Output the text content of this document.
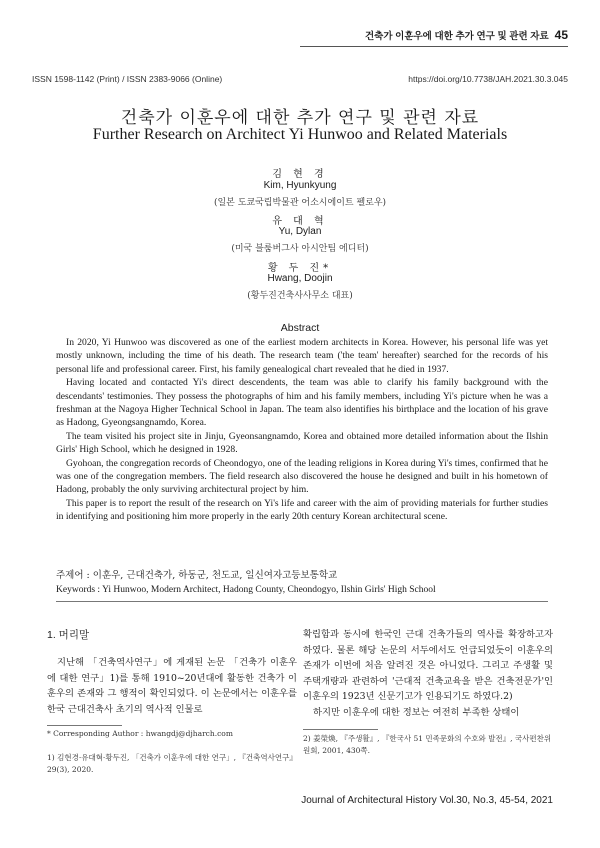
건축가 이훈우에 대한 추가 연구 및 관련 자료 45
ISSN 1598-1142 (Print) / ISSN 2383-9066 (Online)	https://doi.org/10.7738/JAH.2021.30.3.045
건축가 이훈우에 대한 추가 연구 및 관련 자료
Further Research on Architect Yi Hunwoo and Related Materials
김 현 경
Kim, Hyunkyung
(일본 도쿄국립박물관 어소시에이트 펠로우)
유 대 혁
Yu, Dylan
(미국 블룸버그사 아시안팀 에디터)
황 두 진*
Hwang, Doojin
(황두진건축사사무소 대표)
Abstract

In 2020, Yi Hunwoo was discovered as one of the earliest modern architects in Korea. However, his personal life was yet mostly unknown, including the time of his death. The research team ('the team' hereafter) searched for the records of his personal life and professional career. First, his family genealogical chart revealed that he died in 1937.

Having located and contacted Yi's direct descendents, the team was able to clarify his family background with the descendants' testimonies. They possess the photographs of him and his family members, including Yi's picture when he was a freshman at the Nagoya Higher Technical School in Japan. The team also identifies his birthplace and the location of his grave as Hadong, Gyeongsangnamdo, Korea.

The team visited his project site in Jinju, Gyeonsangnamdo, Korea and obtained more detailed information about the Ilshin Girls' High School, which he designed in 1928.

Gyohoan, the congregation records of Cheondogyo, one of the leading religions in Korea during Yi's times, confirmed that he was one of the congregation members. The field research also discovered the house he designed and built in his hometown of Hadong, probably the only surviving architectural project by him.

This paper is to report the result of the research on Yi's life and career with the aim of providing materials for further studies in identifying and positioning him more properly in the early 20th century Korean architectural scene.

주제어 : 이훈우, 근대건축가, 하동군, 천도교, 일신여자고등보통학교
Keywords : Yi Hunwoo, Modern Architect, Hadong County, Cheondogyo, Ilshin Girls' High School
1. 머리말

지난해 「건축역사연구」에 게재된 논문 「건축가 이훈우에 대한 연구」1)를 통해 1910~20년대에 활동한 건축가 이훈우의 존재와 그 행적이 확인되었다. 이 논문에서는 이훈우를 한국 근대건축사 초기의 역사적 인물로

* Corresponding Author : hwangdj@djharch.com
1) 김현경·유대혁·황두진, 「건축가 이훈우에 대한 연구」, 『건축역사연구』 29(3), 2020.

확립함과 동시에 한국인 근대 건축가들의 역사를 확장하고자 하였다. 물론 해당 논문의 서두에서도 언급되었듯이 이훈우의 존재가 이번에 처음 알려진 것은 아니었다. 그리고 주생활 및 주택개량과 관련하여 '근대적 건축교육을 받은 건축전문가'인 이훈우의 1923년 신문기고가 인용되기도 하였다.2)

하지만 이훈우에 대한 정보는 여전히 부족한 상태이

2) 姜榮煥, 『주생활』, 『한국사 51 민족문화의 수호와 발전』, 국사편찬위원회, 2001, 430쪽.
Journal of Architectural History Vol.30, No.3, 45-54, 2021
